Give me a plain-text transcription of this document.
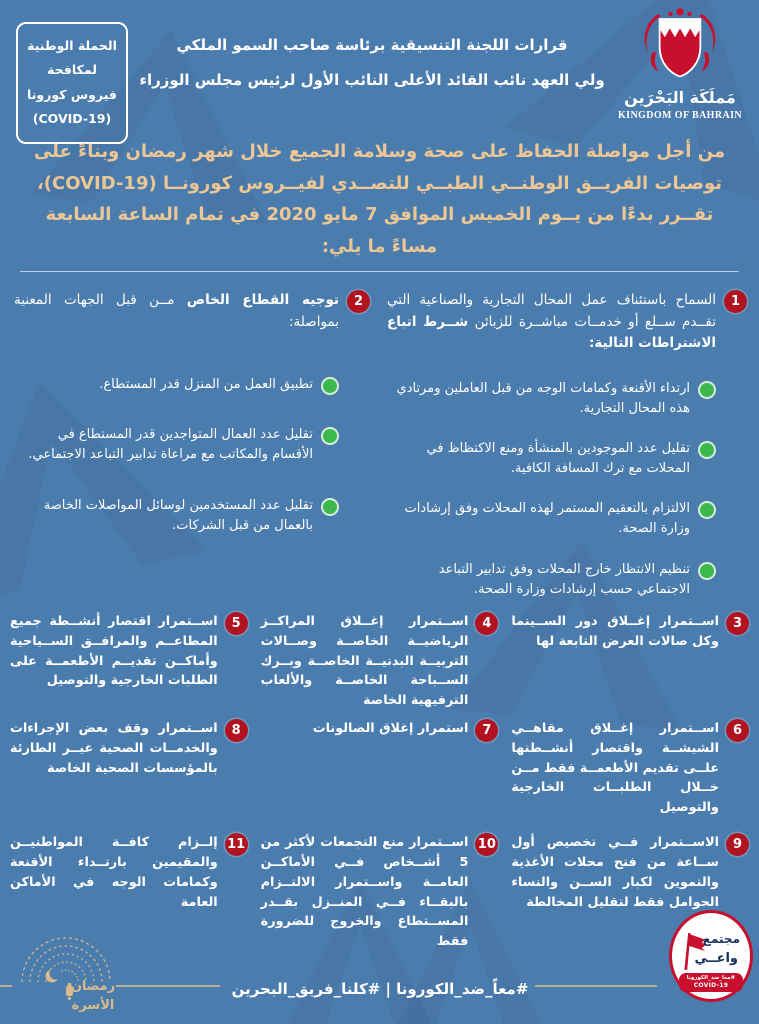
الحملة الوطنية
لمكافحة
فيروس كورونا
(COVID-19)
قرارات اللجنة التنسيقية برئاسة صاحب السمو الملكي
ولي العهد نائب القائد الأعلى النائب الأول لرئيس مجلس الوزراء
مَملَكَة البَحْرَين
KINGDOM OF BAHRAIN

من أجل مواصلة الحفاظ على صحة وسلامة الجميع خلال شهر رمضان وبناءً على توصيات الفريــق الوطنــي الطبــي للتصــدي لفيــروس كورونــا (COVID-19)، تقــرر بدءًا من يــوم الخميس الموافق 7 مايو 2020 في تمام الساعة السابعة مساءً ما يلي:

1

السماح باستئناف عمل المحال التجارية والصناعية التي تقــدم ســلع أو خدمــات مباشــرة للزبائن شــرط اتباع الاشتراطات التالية:

ارتداء الأقنعة وكمامات الوجه من قبل العاملين ومرتادي هذه المحال التجارية.

تقليل عدد الموجودين بالمنشأة ومنع الاكتظاظ في المحلات مع ترك المسافة الكافية.

الالتزام بالتعقيم المستمر لهذه المحلات وفق إرشادات وزارة الصحة.

تنظيم الانتظار خارج المحلات وفق تدابير التباعد الاجتماعي حسب إرشادات وزارة الصحة.

2

توجيه القطاع الخاص مــن قبل الجهات المعنية بمواصلة:

تطبيق العمل من المنزل قدر المستطاع.

تقليل عدد العمال المتواجدين قدر المستطاع في الأقسام والمكاتب مع مراعاة تدابير التباعد الاجتماعي.

تقليل عدد المستخدمين لوسائل المواصلات الخاصة بالعمال من قبل الشركات.

3

اســتمرار إغــلاق دور الســينما وكل صالات العرض التابعة لها

4

اســتمرار إغــلاق المراكــز الرياضيــة الخاصــة وصــالات التربيــة البدنيــة الخاصــة وبــرك الســباحة الخاصــة والألعاب الترفيهية الخاصة

5

اســتمرار اقتصار أنشــطة جميع المطاعــم والمرافــق الســياحية وأماكــن تقديــم الأطعمــة على الطلبات الخارجية والتوصيل

6

اســتمرار إغــلاق مقاهــي الشيشــة واقتصار أنشــطتها علــى تقديم الأطعمــة فقط مــن خــلال الطلبــات الخارجية والتوصيل

7

استمرار إغلاق الصالونات

8

اســتمرار وقف بعض الإجراءات والخدمــات الصحية غيــر الطارئة بالمؤسسات الصحية الخاصة

9

الاســتمرار فــي تخصيص أول ســاعة من فتح محلات الأغذية والتموين لكبار الســن والنساء الحوامل فقط لتقليل المخالطة

10

اســتمرار منع التجمعات لأكثر من 5 أشــخاص فــي الأماكــن العامــة واســتمرار الالتــزام بالبقــاء فــي المنــزل بقــدر المســتطاع والخروج للضرورة فقط

11

إلــزام كافــة المواطنيــن والمقيمين بارتــداء الأقنعة وكمامات الوجه في الأماكن العامة

#معاً_ضد_الكورونا | #كلنا_فريق_البحرين

رمضان
الأسرة
مجتمع
واعــي
#معا_ضد_الكورونا
COVID-19
